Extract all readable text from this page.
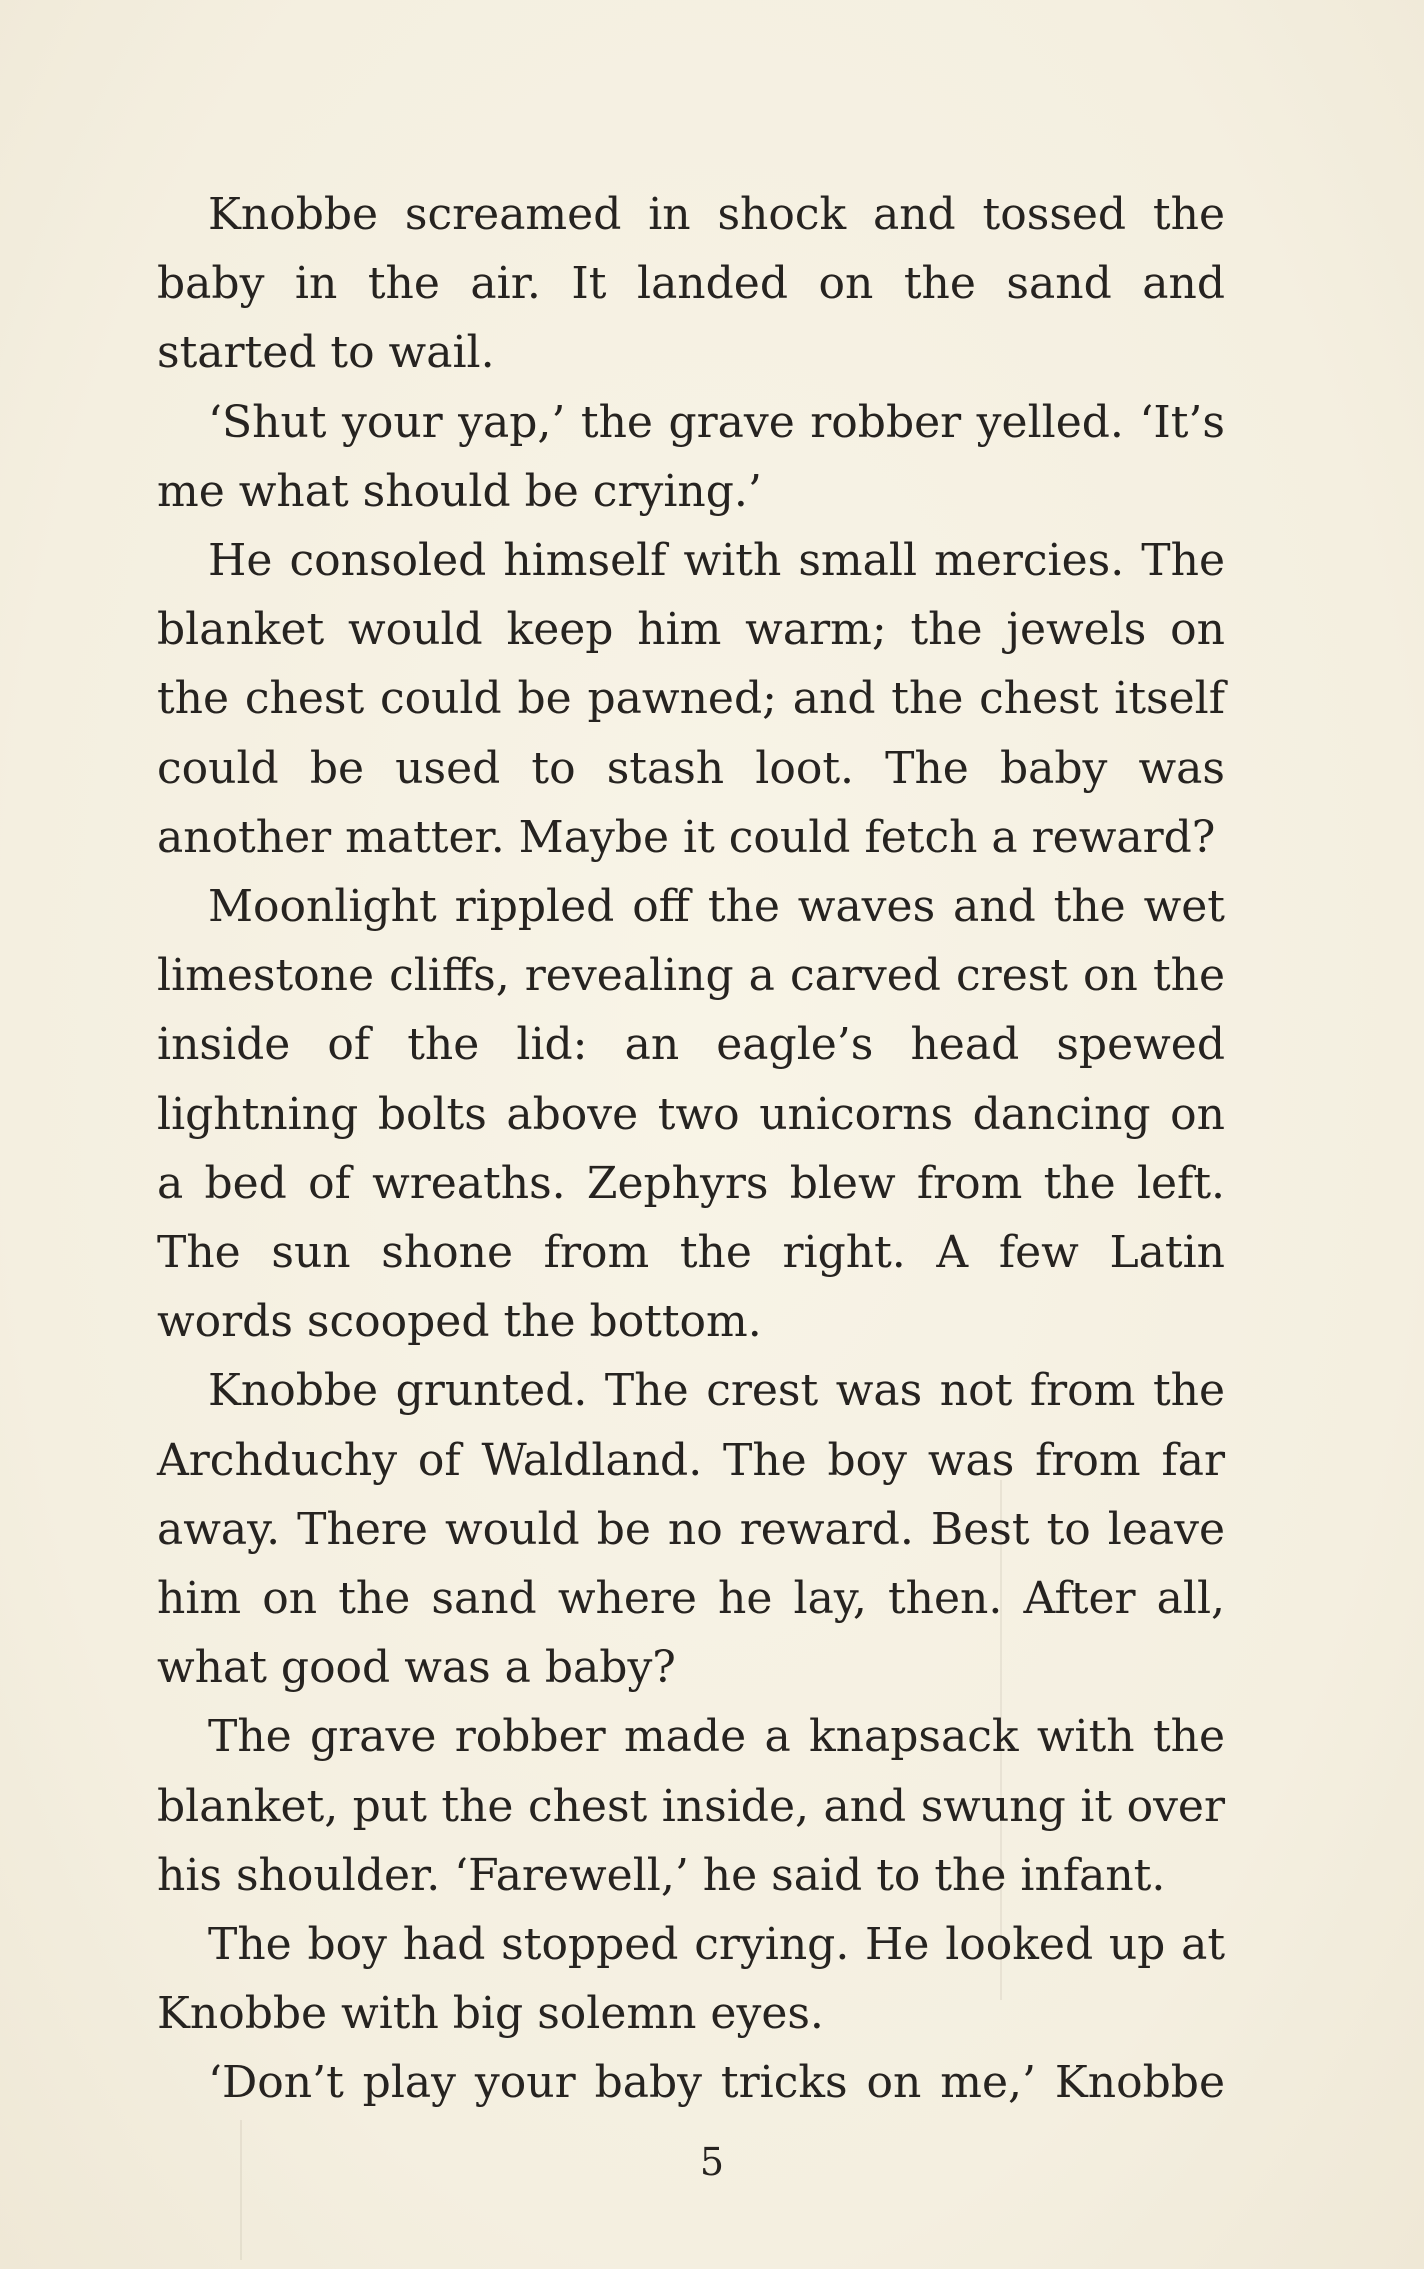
Knobbe screamed in shock and tossed the baby in the air. It landed on the sand and started to wail.

‘Shut your yap,’ the grave robber yelled. ‘It’s me what should be crying.’

He consoled himself with small mercies. The blanket would keep him warm; the jewels on the chest could be pawned; and the chest itself could be used to stash loot. The baby was another matter. Maybe it could fetch a reward?

Moonlight rippled off the waves and the wet limestone cliffs, revealing a carved crest on the inside of the lid: an eagle’s head spewed lightning bolts above two unicorns dancing on a bed of wreaths. Zephyrs blew from the left. The sun shone from the right. A few Latin words scooped the bottom.

Knobbe grunted. The crest was not from the Archduchy of Waldland. The boy was from far away. There would be no reward. Best to leave him on the sand where he lay, then. After all, what good was a baby?

The grave robber made a knapsack with the blanket, put the chest inside, and swung it over his shoulder. ‘Farewell,’ he said to the infant.

The boy had stopped crying. He looked up at Knobbe with big solemn eyes.

‘Don’t play your baby tricks on me,’ Knobbe

5
